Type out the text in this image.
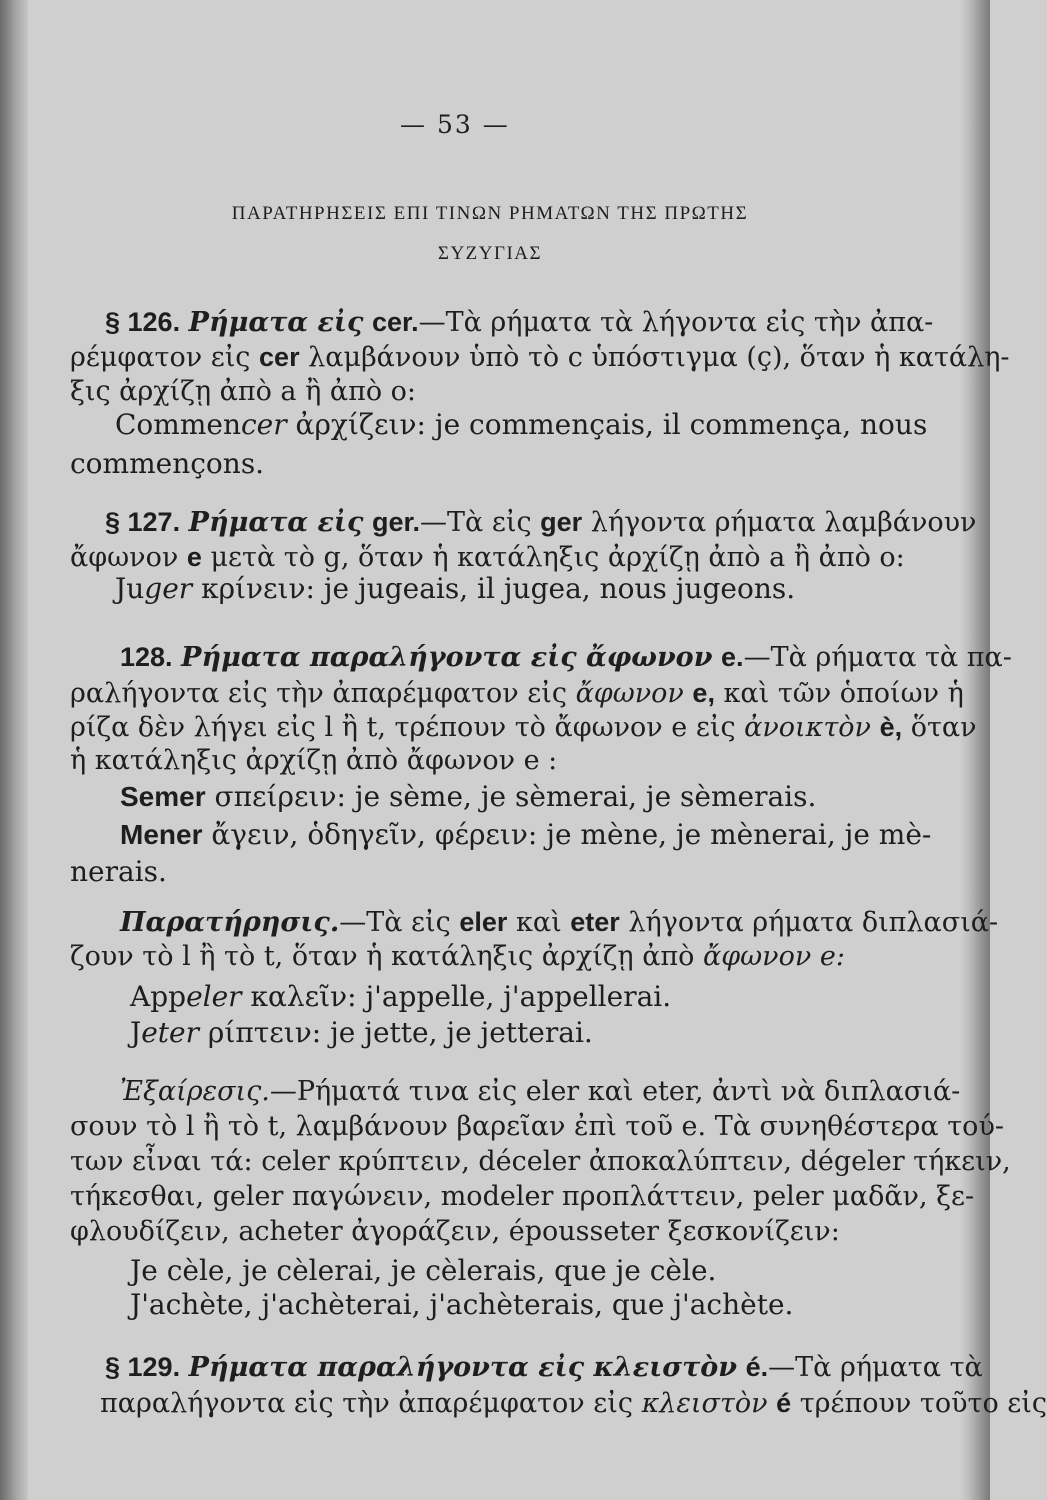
— 53 —
ΠΑΡΑΤΗΡΗΣΕΙΣ ΕΠΙ ΤΙΝΩΝ ΡΗΜΑΤΩΝ ΤΗΣ ΠΡΩΤΗΣ
ΣΥΖΥΓΙΑΣ
§ 126. Ρήματα εἰς cer.—Τὰ ρήματα τὰ λήγοντα εἰς τὴν ἀπα-
ρέμφατον εἰς cer λαμβάνουν ὑπὸ τὸ c ὑπόστιγμα (ç), ὅταν ἡ κατάλη-
ξις ἀρχίζῃ ἀπὸ a ἢ ἀπὸ o:
Commencer ἀρχίζειν: je commençais, il commença, nous
commençons.
§ 127. Ρήματα εἰς ger.—Τὰ εἰς ger λήγοντα ρήματα λαμβάνουν
ἄφωνον e μετὰ τὸ g, ὅταν ἡ κατάληξις ἀρχίζῃ ἀπὸ a ἢ ἀπὸ o:
Juger κρίνειν: je jugeais, il jugea, nous jugeons.
128. Ρήματα παραλήγοντα εἰς ἄφωνον e.—Τὰ ρήματα τὰ πα-
ραλήγοντα εἰς τὴν ἀπαρέμφατον εἰς ἄφωνον e, καὶ τῶν ὁποίων ἡ
ρίζα δὲν λήγει εἰς l ἢ t, τρέπουν τὸ ἄφωνον e εἰς ἀνοικτὸν è, ὅταν
ἡ κατάληξις ἀρχίζῃ ἀπὸ ἄφωνον e :
Semer σπείρειν: je sème, je sèmerai, je sèmerais.
Mener ἄγειν, ὁδηγεῖν, φέρειν: je mène, je mènerai, je mè-
nerais.
Παρατήρησις.—Τὰ εἰς eler καὶ eter λήγοντα ρήματα διπλασιά-
ζουν τὸ l ἢ τὸ t, ὅταν ἡ κατάληξις ἀρχίζῃ ἀπὸ ἄφωνον e:
Appeler καλεῖν: j'appelle, j'appellerai.
Jeter ρίπτειν: je jette, je jetterai.
Ἐξαίρεσις.—Ρήματά τινα εἰς eler καὶ eter, ἀντὶ νὰ διπλασιά-
σουν τὸ l ἢ τὸ t, λαμβάνουν βαρεῖαν ἐπὶ τοῦ e. Τὰ συνηθέστερα τού-
των εἶναι τά: celer κρύπτειν, déceler ἀποκαλύπτειν, dégeler τήκειν,
τήκεσθαι, geler παγώνειν, modeler προπλάττειν, peler μαδᾶν, ξε-
φλουδίζειν, acheter ἀγοράζειν, épousseter ξεσκονίζειν:
Je cèle, je cèlerai, je cèlerais, que je cèle.
J'achète, j'achèterai, j'achèterais, que j'achète.
§ 129. Ρήματα παραλήγοντα εἰς κλειστὸν é.—Τὰ ρήματα τὰ
παραλήγοντα εἰς τὴν ἀπαρέμφατον εἰς κλειστὸν é τρέπουν τοῦτο εἰς
